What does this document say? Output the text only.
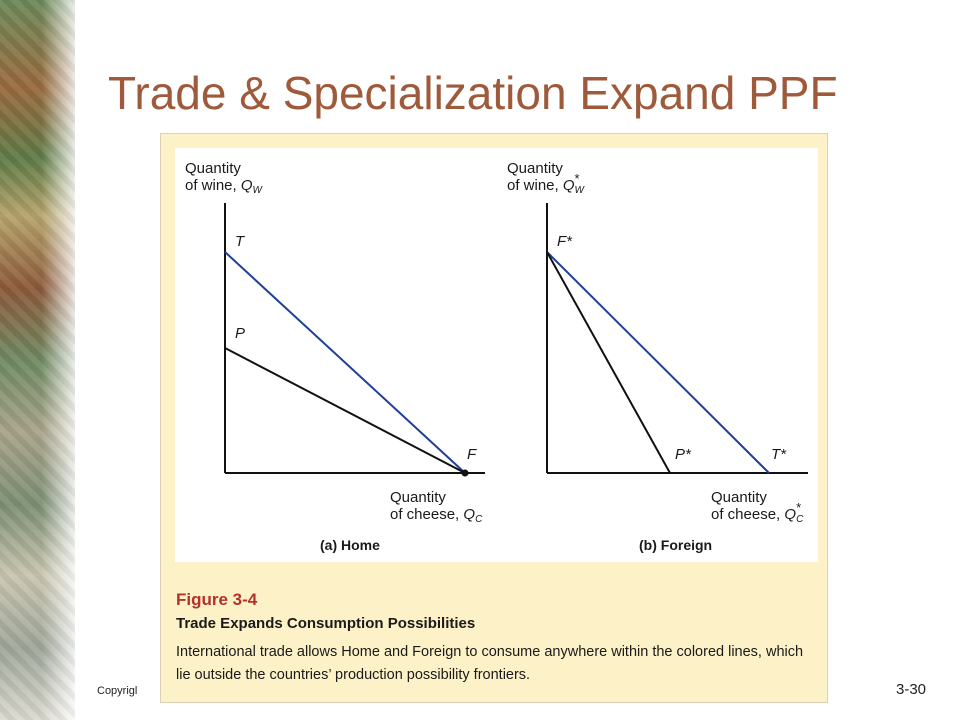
Trade & Specialization Expand PPF
Quantity
of wine, $Q_W$
T
P
F
Quantity
of cheese, $Q_C$
(a) Home
Quantity
of wine, $Q_W$
*
F*
P*	T*
Quantity
of cheese, $Q_C$
*
(b) Foreign
Figure 3-4
Trade Expands Consumption Possibilities
International trade allows Home and Foreign to consume anywhere within the colored lines, which lie outside the countries’ production possibility frontiers.
Copyrigl	3-30
